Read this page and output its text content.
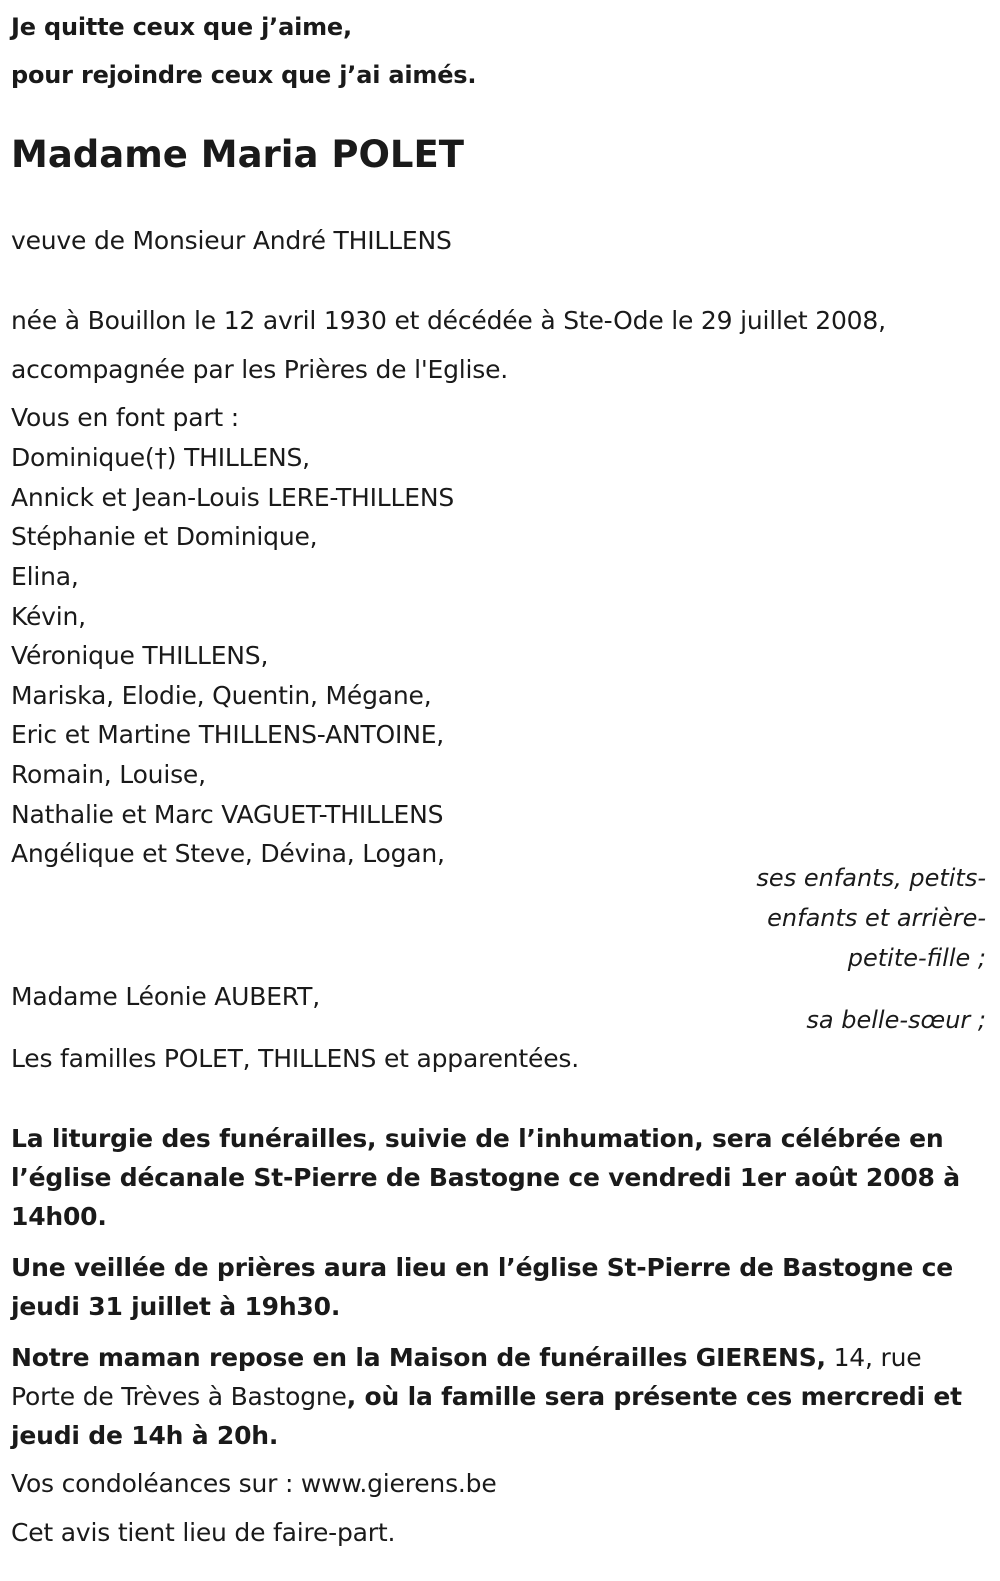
Je quitte ceux que j’aime,
pour rejoindre ceux que j’ai aimés.
Madame Maria POLET
veuve de Monsieur André THILLENS
née à Bouillon le 12 avril 1930 et décédée à Ste-Ode le 29 juillet 2008,
accompagnée par les Prières de l'Eglise.
Vous en font part :
Dominique(†) THILLENS,
Annick et Jean-Louis LERE-THILLENS
Stéphanie et Dominique,
Elina,
Kévin,
Véronique THILLENS,
Mariska, Elodie, Quentin, Mégane,
Eric et Martine THILLENS-ANTOINE,
Romain, Louise,
Nathalie et Marc VAGUET-THILLENS
Angélique et Steve, Dévina, Logan,
ses enfants, petits-
enfants et arrière-
petite-fille ;
Madame Léonie AUBERT,
sa belle-sœur ;
Les familles POLET, THILLENS et apparentées.
La liturgie des funérailles, suivie de l’inhumation, sera célébrée en l’église décanale St-Pierre de Bastogne ce vendredi 1er août 2008 à 14h00.
Une veillée de prières aura lieu en l’église St-Pierre de Bastogne ce jeudi 31 juillet à 19h30.
Notre maman repose en la Maison de funérailles GIERENS, 14, rue Porte de Trèves à Bastogne, où la famille sera présente ces mercredi et jeudi de 14h à 20h.
Vos condoléances sur : www.gierens.be
Cet avis tient lieu de faire-part.
